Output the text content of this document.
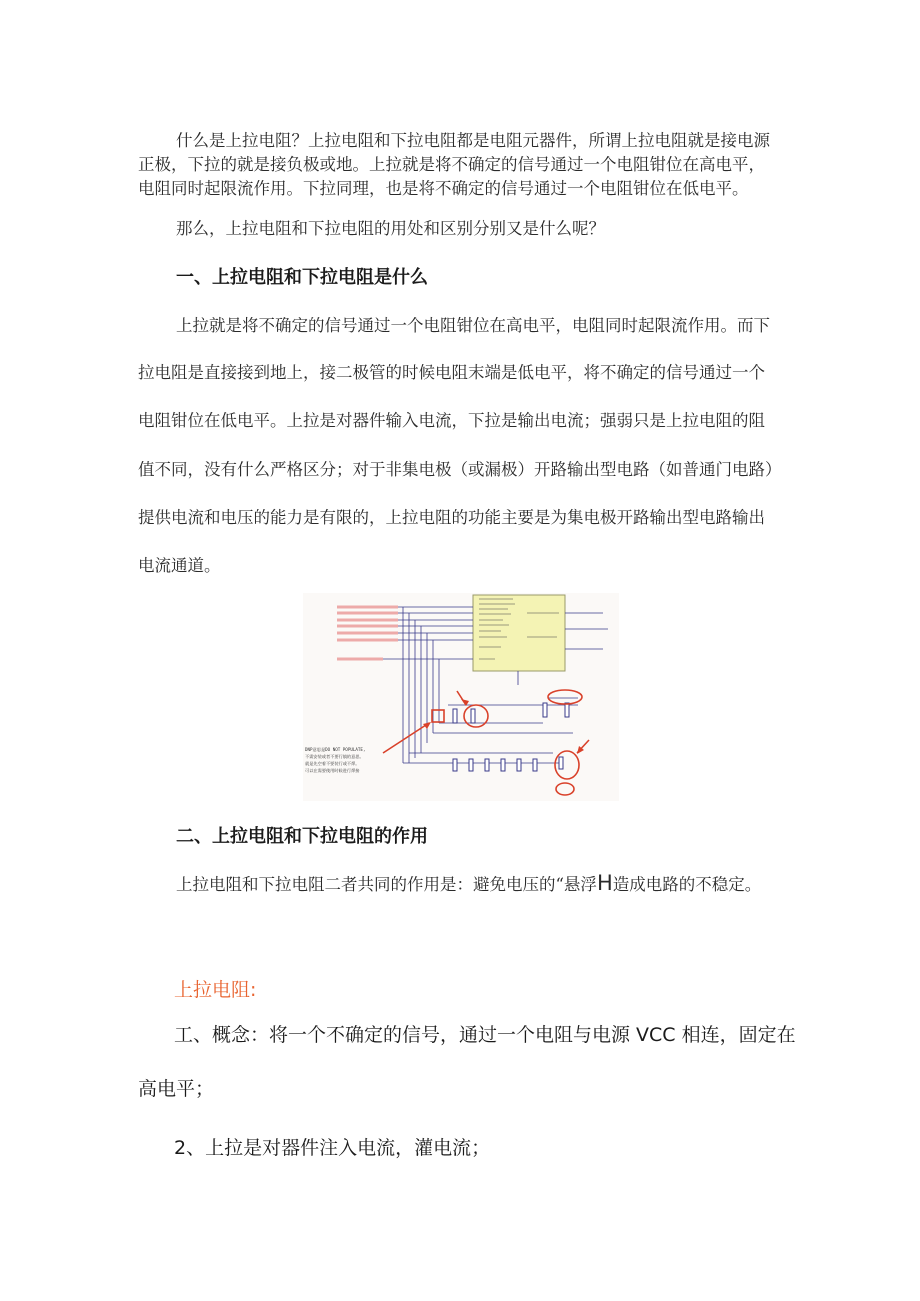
什么是上拉电阻？上拉电阻和下拉电阻都是电阻元器件，所谓上拉电阻就是接电源

正极，下拉的就是接负极或地。上拉就是将不确定的信号通过一个电阻钳位在高电平，

电阻同时起限流作用。下拉同理，也是将不确定的信号通过一个电阻钳位在低电平。

那么，上拉电阻和下拉电阻的用处和区别分别又是什么呢？

一、上拉电阻和下拉电阻是什么

上拉就是将不确定的信号通过一个电阻钳位在高电平，电阻同时起限流作用。而下

拉电阻是直接接到地上，接二极管的时候电阻末端是低电平，将不确定的信号通过一个

电阻钳位在低电平。上拉是对器件输入电流，下拉是输出电流；强弱只是上拉电阻的阻

值不同，没有什么严格区分；对于非集电极（或漏极）开路输出型电路（如普通门电路）

提供电流和电压的能力是有限的，上拉电阻的功能主要是为集电极开路输出型电路输出

电流通道。

DNP意思是DO NOT POPULATE,
不需安装或者不要行镇的意思。
就是先空着不要装行或不焊。
可以在需要使用时候进行焊接
二、上拉电阻和下拉电阻的作用

上拉电阻和下拉电阻二者共同的作用是：避免电压的“悬浮H造成电路的不稳定。

上拉电阻:

工、概念：将一个不确定的信号，通过一个电阻与电源 VCC 相连，固定在

高电平；

2、上拉是对器件注入电流，灌电流；
